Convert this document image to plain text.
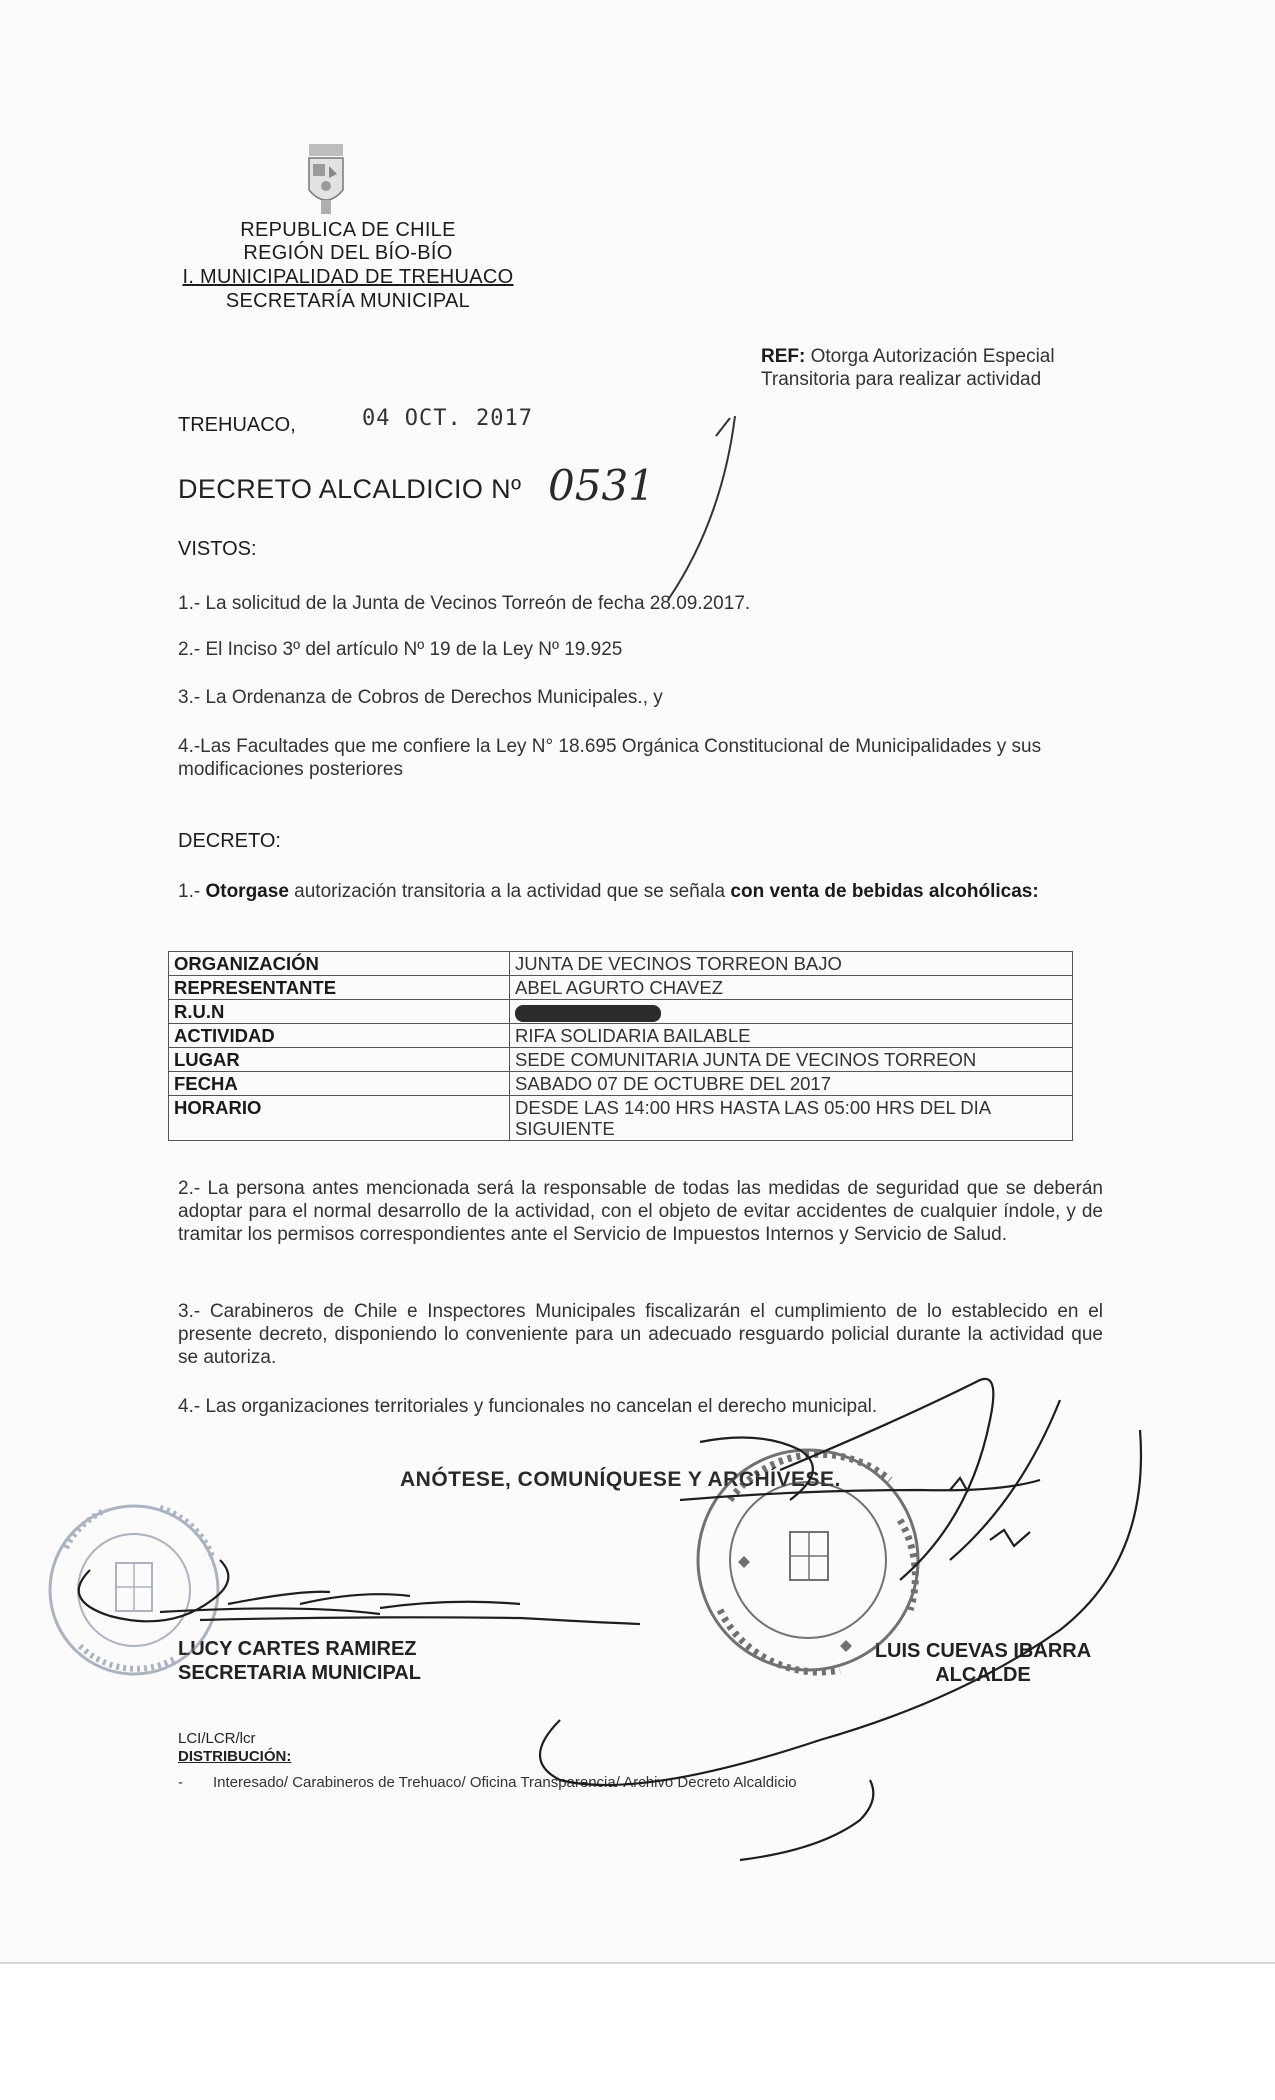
REPUBLICA DE CHILE
REGIÓN DEL BÍO-BÍO
I. MUNICIPALIDAD DE TREHUACO
SECRETARÍA MUNICIPAL
REF: Otorga Autorización Especial Transitoria para realizar actividad
TREHUACO,	04 OCT. 2017
DECRETO ALCALDICIO Nº 0531
VISTOS:
1.- La solicitud de la Junta de Vecinos Torreón de fecha 28.09.2017.
2.- El Inciso 3º del artículo Nº 19 de la Ley Nº 19.925
3.- La Ordenanza de Cobros de Derechos Municipales., y
4.-Las Facultades que me confiere la Ley N° 18.695 Orgánica Constitucional de Municipalidades y sus modificaciones posteriores
DECRETO:
1.- Otorgase autorización transitoria a la actividad que se señala con venta de bebidas alcohólicas:
ORGANIZACIÓN	JUNTA DE VECINOS TORREON BAJO
REPRESENTANTE	ABEL AGURTO CHAVEZ
R.U.N	
ACTIVIDAD	RIFA SOLIDARIA BAILABLE
LUGAR	SEDE COMUNITARIA JUNTA DE VECINOS TORREON
FECHA	SABADO 07 DE OCTUBRE DEL 2017
HORARIO	DESDE LAS 14:00 HRS HASTA LAS 05:00 HRS DEL DIA SIGUIENTE
2.- La persona antes mencionada será la responsable de todas las medidas de seguridad que se deberán adoptar para el normal desarrollo de la actividad, con el objeto de evitar accidentes de cualquier índole, y de tramitar los permisos correspondientes ante el Servicio de Impuestos Internos y Servicio de Salud.
3.- Carabineros de Chile e Inspectores Municipales fiscalizarán el cumplimiento de lo establecido en el presente decreto, disponiendo lo conveniente para un adecuado resguardo policial durante la actividad que se autoriza.
4.- Las organizaciones territoriales y funcionales no cancelan el derecho municipal.
ANÓTESE, COMUNÍQUESE Y ARCHÍVESE.
LUCY CARTES RAMIREZ
SECRETARIA MUNICIPAL
LUIS CUEVAS IBARRA
ALCALDE
LCI/LCR/lcr
DISTRIBUCIÓN:
- Interesado/ Carabineros de Trehuaco/ Oficina Transparencia/ Archivo Decreto Alcaldicio
